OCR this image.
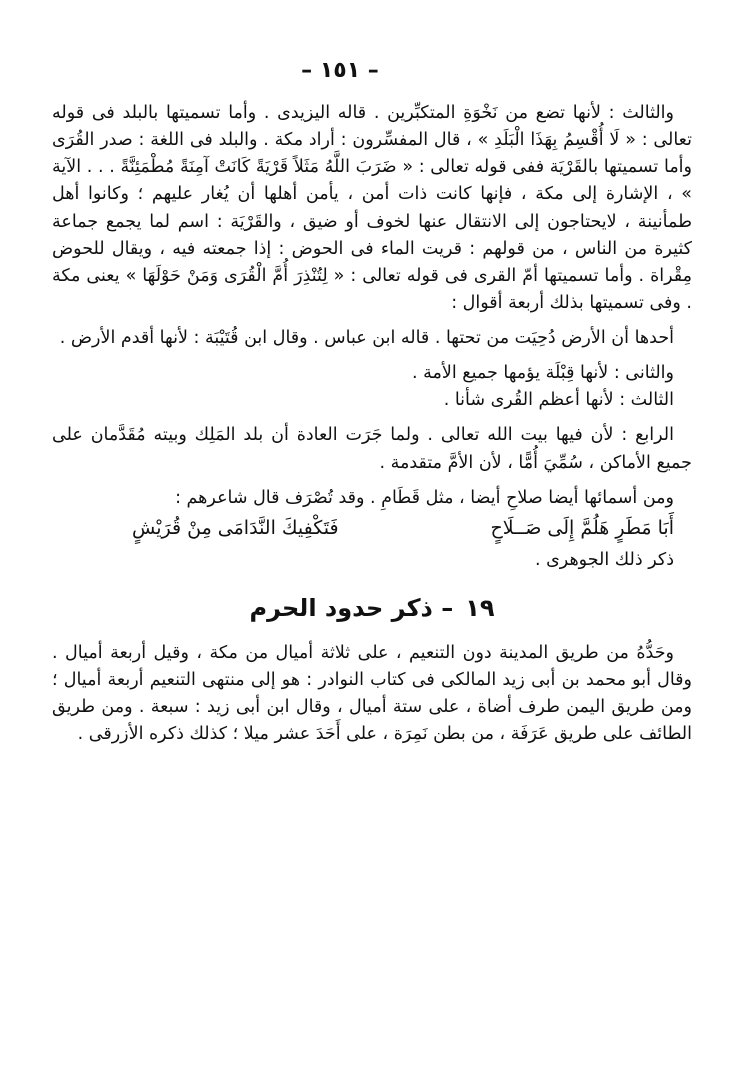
– ١٥١ –

والثالث : لأنها تضع من نَخْوَةِ المتكبِّرين . قاله اليزيدى . وأما تسميتها بالبلد فى قوله تعالى : « لَا أُقْسِمُ بِهَذَا الْبَلَدِ » ، قال المفسِّرون : أراد مكة . والبلد فى اللغة : صدر القُرَى وأما تسميتها بالقَرْيَة ففى قوله تعالى : « ضَرَبَ اللَّهُ مَثَلاً قَرْيَةً كَانَتْ آمِنَةً مُطْمَئِنَّةً . . . الآية » ، الإشارة إلى مكة ، فإنها كانت ذات أمن ، يأمن أهلها أن يُغار عليهم ؛ وكانوا أهل طمأنينة ، لايحتاجون إلى الانتقال عنها لخوف أو ضيق ، والقَرْيَة : اسم لما يجمع جماعة كثيرة من الناس ، من قولهم : قريت الماء فى الحوض : إذا جمعته فيه ، ويقال للحوض مِقْراة . وأما تسميتها أمّ القرى فى قوله تعالى : « لِتُنْذِرَ أُمَّ الْقُرَى وَمَنْ حَوْلَهَا » يعنى مكة . وفى تسميتها بذلك أربعة أقوال :

أحدها أن الأرض دُحِيَت من تحتها . قاله ابن عباس . وقال ابن قُتَيْبَة : لأنها أقدم الأرض .

والثانى : لأنها قِبْلَة يؤمها جميع الأمة .

الثالث : لأنها أعظم القُرى شأنا .

الرابع : لأن فيها بيت الله تعالى . ولما جَرَت العادة أن بلد المَلِك وبيته مُقَدَّمان على جميع الأماكن ، سُمِّيَ أُمًّا ، لأن الأمَّ متقدمة .

ومن أسمائها أيضا صلاحِ أيضا ، مثل قَطَامِ . وقد تُصْرَف قال شاعرهم :

أَبَا مَطَرٍ هَلُمَّ إِلَى صَــلَاحٍ
فَتَكْفِيكَ النَّدَامَى مِنْ قُرَيْشٍ

ذكر ذلك الجوهرى .

١٩– ذكر حدود الحرم

وحَدُّهُ من طريق المدينة دون التنعيم ، على ثلاثة أميال من مكة ، وقيل أربعة أميال . وقال أبو محمد بن أبى زيد المالكى فى كتاب النوادر : هو إلى منتهى التنعيم أربعة أميال ؛ ومن طريق اليمن طرف أضاة ، على ستة أميال ، وقال ابن أبى زيد : سبعة . ومن طريق الطائف على طريق عَرَفَة ، من بطن نَمِرَة ، على أَحَدَ عشر ميلا ؛ كذلك ذكره الأزرقى .
